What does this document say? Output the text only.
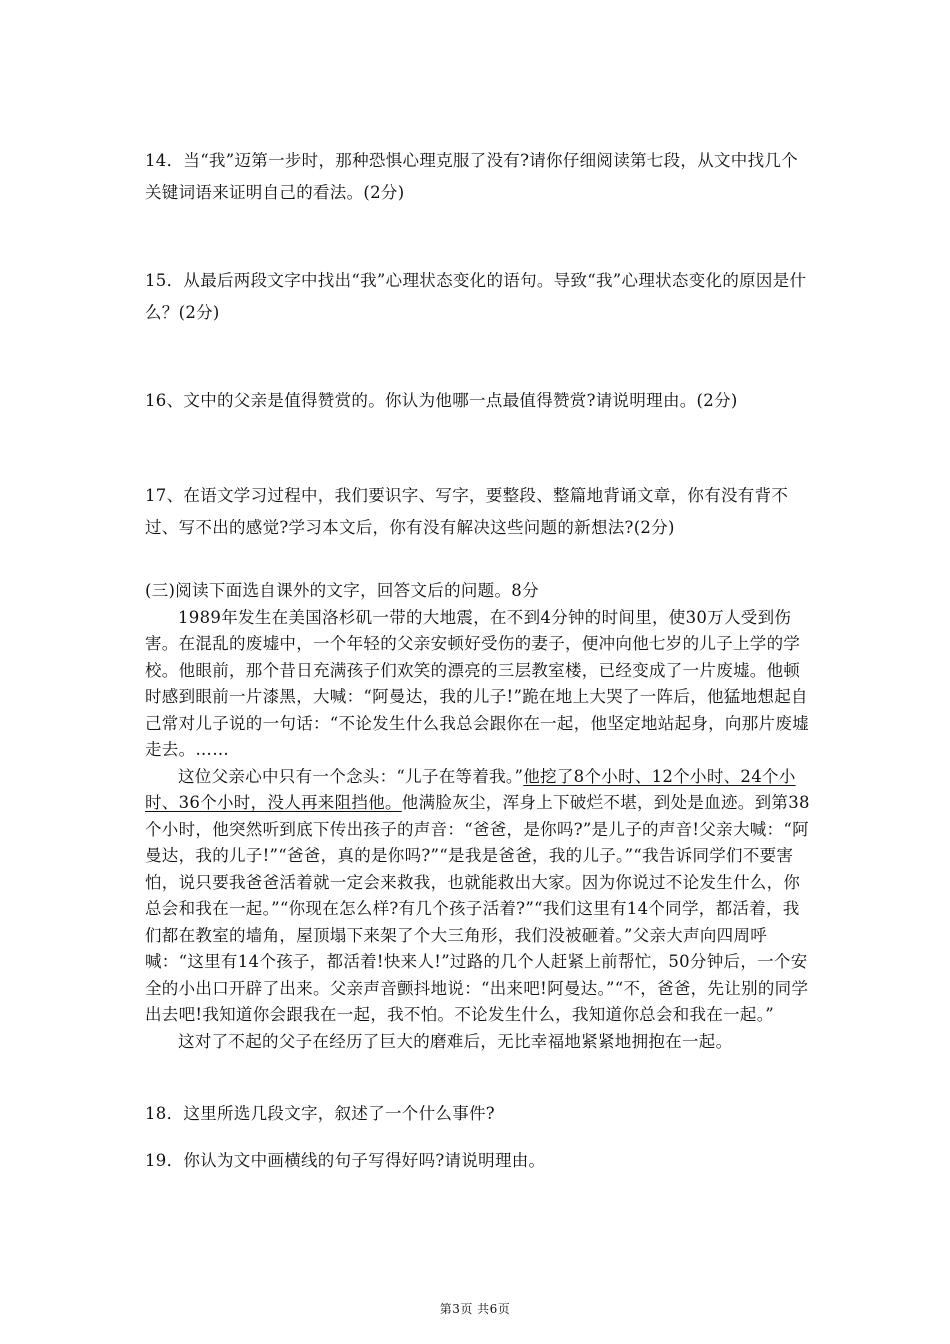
14．当“我”迈第一步时，那种恐惧心理克服了没有?请你仔细阅读第七段，从文中找几个关键词语来证明自己的看法。(2分)

15．从最后两段文字中找出“我”心理状态变化的语句。导致“我”心理状态变化的原因是什么？(2分)

16、文中的父亲是值得赞赏的。你认为他哪一点最值得赞赏?请说明理由。(2分)

17、在语文学习过程中，我们要识字、写字，要整段、整篇地背诵文章，你有没有背不过、写不出的感觉?学习本文后，你有没有解决这些问题的新想法?(2分)

(三)阅读下面选自课外的文字，回答文后的问题。8分

1989年发生在美国洛杉矶一带的大地震，在不到4分钟的时间里，使30万人受到伤害。在混乱的废墟中，一个年轻的父亲安顿好受伤的妻子，便冲向他七岁的儿子上学的学校。他眼前，那个昔日充满孩子们欢笑的漂亮的三层教室楼，已经变成了一片废墟。他顿时感到眼前一片漆黑，大喊：“阿曼达，我的儿子!”跪在地上大哭了一阵后，他猛地想起自己常对儿子说的一句话：“不论发生什么我总会跟你在一起，他坚定地站起身，向那片废墟走去。……

这位父亲心中只有一个念头：“儿子在等着我。”他挖了8个小时、12个小时、24个小时、36个小时，没人再来阻挡他。他满脸灰尘，浑身上下破烂不堪，到处是血迹。到第38个小时，他突然听到底下传出孩子的声音：“爸爸，是你吗?”是儿子的声音!父亲大喊：“阿曼达，我的儿子!”“爸爸，真的是你吗?”“是我是爸爸，我的儿子。”“我告诉同学们不要害怕，说只要我爸爸活着就一定会来救我，也就能救出大家。因为你说过不论发生什么，你总会和我在一起。”“你现在怎么样?有几个孩子活着?”“我们这里有14个同学，都活着，我们都在教室的墙角，屋顶塌下来架了个大三角形，我们没被砸着。”父亲大声向四周呼喊：“这里有14个孩子，都活着!快来人!”过路的几个人赶紧上前帮忙，50分钟后，一个安全的小出口开辟了出来。父亲声音颤抖地说：“出来吧!阿曼达。”“不，爸爸，先让别的同学出去吧!我知道你会跟我在一起，我不怕。不论发生什么，我知道你总会和我在一起。”

这对了不起的父子在经历了巨大的磨难后，无比幸福地紧紧地拥抱在一起。

18．这里所选几段文字，叙述了一个什么事件?

19．你认为文中画横线的句子写得好吗?请说明理由。

第3页 共6页
